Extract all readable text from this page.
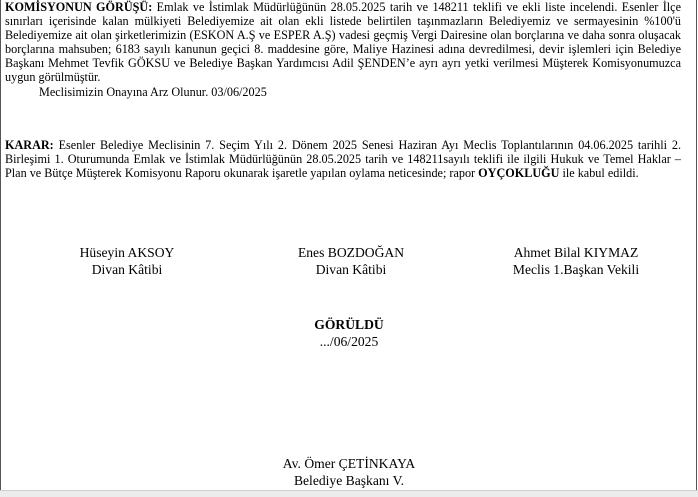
KOMİSYONUN GÖRÜŞÜ: Emlak ve İstimlak Müdürlüğünün 28.05.2025 tarih ve 148211 teklifi ve ekli liste incelendi. Esenler İlçe sınırları içerisinde kalan mülkiyeti Belediyemize ait olan ekli listede belirtilen taşınmazların Belediyemiz ve sermayesinin %100'ü Belediyemize ait olan şirketlerimizin (ESKON A.Ş ve ESPER A.Ş) vadesi geçmiş Vergi Dairesine olan borçlarına ve daha sonra oluşacak borçlarına mahsuben; 6183 sayılı kanunun geçici 8. maddesine göre, Maliye Hazinesi adına devredilmesi, devir işlemleri için Belediye Başkanı Mehmet Tevfik GÖKSU ve Belediye Başkan Yardımcısı Adil ŞENDEN’e ayrı ayrı yetki verilmesi Müşterek Komisyonumuzca uygun görülmüştür.
Meclisimizin Onayına Arz Olunur. 03/06/2025
KARAR: Esenler Belediye Meclisinin 7. Seçim Yılı 2. Dönem 2025 Senesi Haziran Ayı Meclis Toplantılarının 04.06.2025 tarihli 2. Birleşimi 1. Oturumunda Emlak ve İstimlak Müdürlüğünün 28.05.2025 tarih ve 148211sayılı teklifi ile ilgili Hukuk ve Temel Haklar – Plan ve Bütçe Müşterek Komisyonu Raporu okunarak işaretle yapılan oylama neticesinde; rapor OYÇOKLUĞU ile kabul edildi.
Hüseyin AKSOY
Divan Kâtibi
Enes BOZDOĞAN
Divan Kâtibi
Ahmet Bilal KIYMAZ
Meclis 1.Başkan Vekili
GÖRÜLDÜ
.../06/2025
Av. Ömer ÇETİNKAYA
Belediye Başkanı V.
